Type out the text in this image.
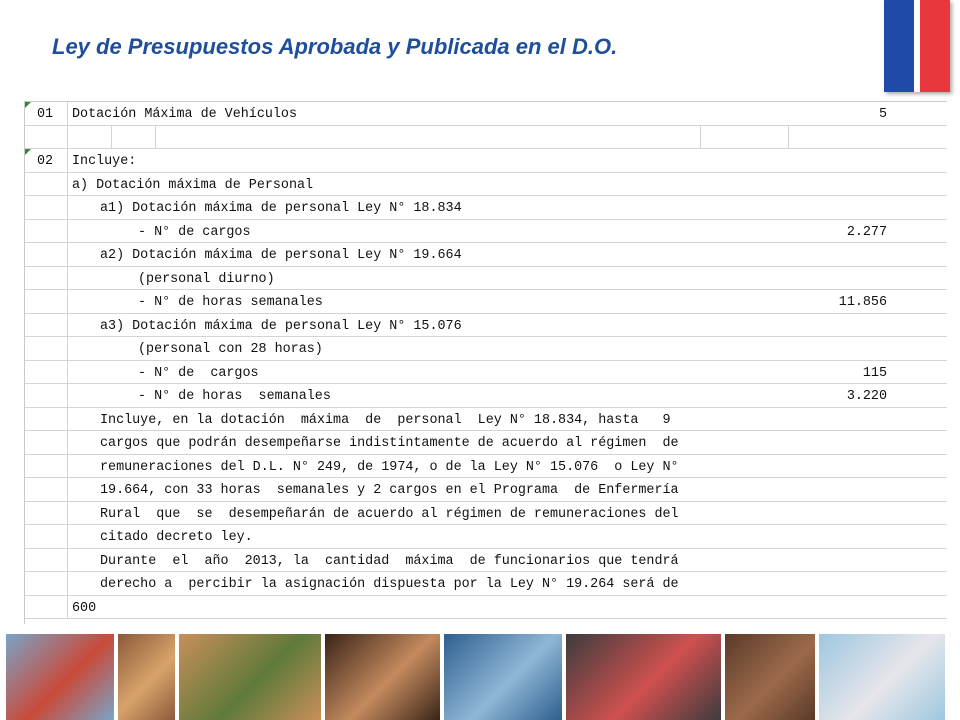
Ley de Presupuestos Aprobada y Publicada en el D.O.
01 Dotación Máxima de Vehículos	5
02 Incluye:
a) Dotación máxima de Personal
a1) Dotación máxima de personal Ley N° 18.834
- N° de cargos	2.277
a2) Dotación máxima de personal Ley N° 19.664
(personal diurno)
- N° de horas semanales	11.856
a3) Dotación máxima de personal Ley N° 15.076
(personal con 28 horas)
- N° de  cargos	115
- N° de horas  semanales	3.220
Incluye, en la dotación  máxima  de  personal  Ley N° 18.834, hasta   9
cargos que podrán desempeñarse indistintamente de acuerdo al régimen  de
remuneraciones del D.L. N° 249, de 1974, o de la Ley N° 15.076  o Ley N°
19.664, con 33 horas  semanales y 2 cargos en el Programa  de Enfermería
Rural  que  se  desempeñarán de acuerdo al régimen de remuneraciones del
citado decreto ley.
Durante  el  año  2013, la  cantidad  máxima  de funcionarios que tendrá
derecho a  percibir la asignación dispuesta por la Ley N° 19.264 será de
600
